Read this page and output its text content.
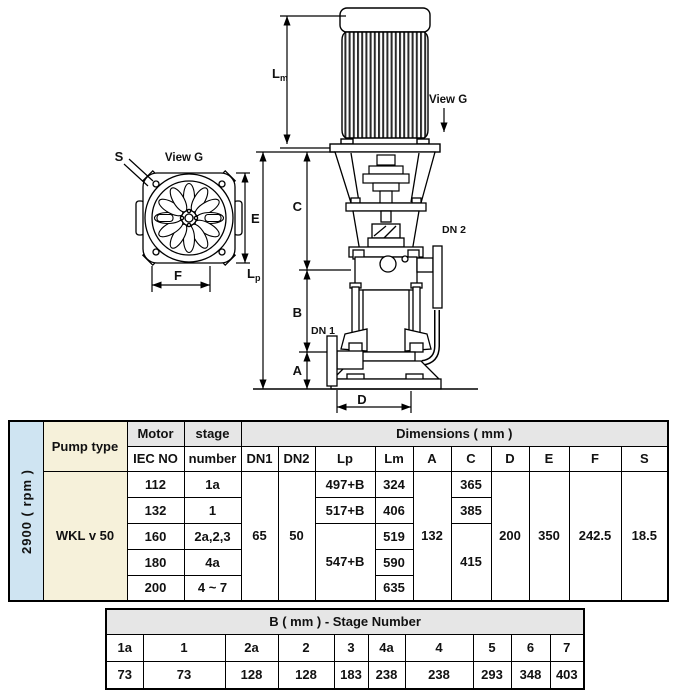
$L_m$
$L_p$
C
B
A
D
DN 1
DN 2
View G
S	View G
E
F
2900 ( rpm )	Pump type	Motor	stage	Dimensions ( mm )									
		IEC NO	number	DN1	DN2	Lp	Lm	A	C	D	E	F	S
	WKL v 50	112	1a	65	50	497+B	324	132	365	200	350	242.5	18.5
		132	1			517+B	406		385				
		160	2a,2,3			547+B	519		415				
		180	4a				590						
		200	4 ~ 7				635						
B ( mm ) - Stage Number									
1a	1	2a	2	3	4a	4	5	6	7
73	73	128	128	183	238	238	293	348	403
